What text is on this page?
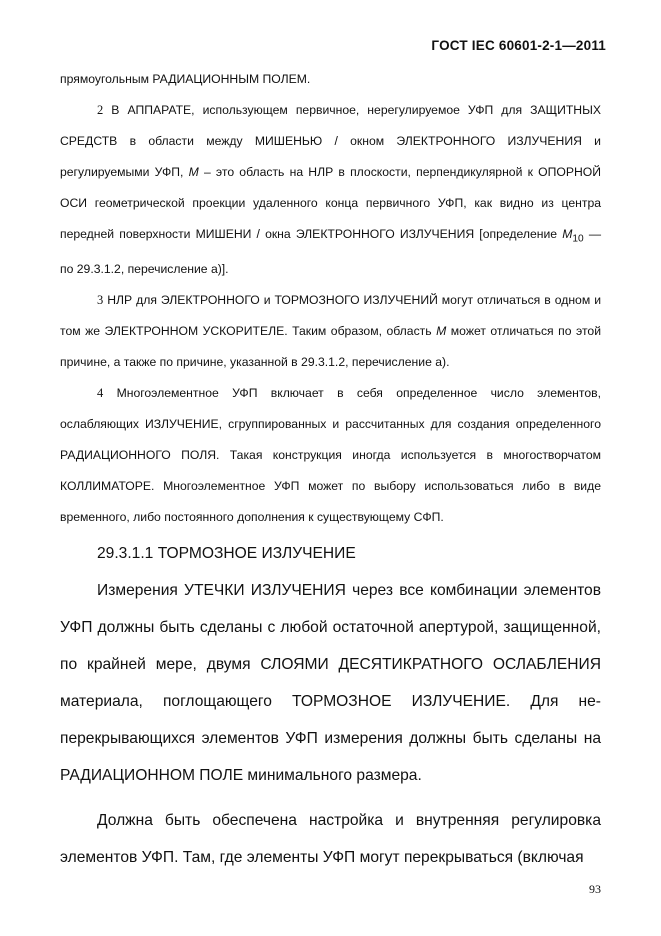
ГОСТ IEC 60601-2-1—2011

прямоугольным РАДИАЦИОННЫМ ПОЛЕМ.

2 В АППАРАТЕ, использующем первичное, нерегулируемое УФП для ЗАЩИТНЫХ СРЕДСТВ в области между МИШЕНЬЮ / окном ЭЛЕКТРОННОГО ИЗЛУЧЕНИЯ и регулируемыми УФП, M – это область на НЛР в плоскости, перпендикулярной к ОПОРНОЙ ОСИ геометрической проекции удаленного конца первичного УФП, как видно из центра передней поверхности МИШЕНИ / окна ЭЛЕКТРОННОГО ИЗЛУЧЕНИЯ [определение $M_{10}$ — по 29.3.1.2, перечисление а)].

3 НЛР для ЭЛЕКТРОННОГО и ТОРМОЗНОГО ИЗЛУЧЕНИЙ могут отличаться в одном и том же ЭЛЕКТРОННОМ УСКОРИТЕЛЕ. Таким образом, область M может отличаться по этой причине, а также по причине, указанной в 29.3.1.2, перечисление а).

4 Многоэлементное УФП включает в себя определенное число элементов, ослабляющих ИЗЛУЧЕНИЕ, сгруппированных и рассчитанных для создания определенного РАДИАЦИОННОГО ПОЛЯ. Такая конструкция иногда используется в многостворчатом КОЛЛИМАТОРЕ. Многоэлементное УФП может по выбору использоваться либо в виде временного, либо постоянного дополнения к существующему СФП.

29.3.1.1 ТОРМОЗНОЕ ИЗЛУЧЕНИЕ

Измерения УТЕЧКИ ИЗЛУЧЕНИЯ через все комбинации элементов УФП должны быть сделаны с любой остаточной апертурой, защищенной, по крайней мере, двумя СЛОЯМИ ДЕСЯТИКРАТНОГО ОСЛАБЛЕНИЯ материала, поглощающего ТОРМОЗНОЕ ИЗЛУЧЕНИЕ. Для не-перекрывающихся элементов УФП измерения должны быть сделаны на РАДИАЦИОННОМ ПОЛЕ минимального размера.

Должна быть обеспечена настройка и внутренняя регулировка элементов УФП. Там, где элементы УФП могут перекрываться (включая

93
